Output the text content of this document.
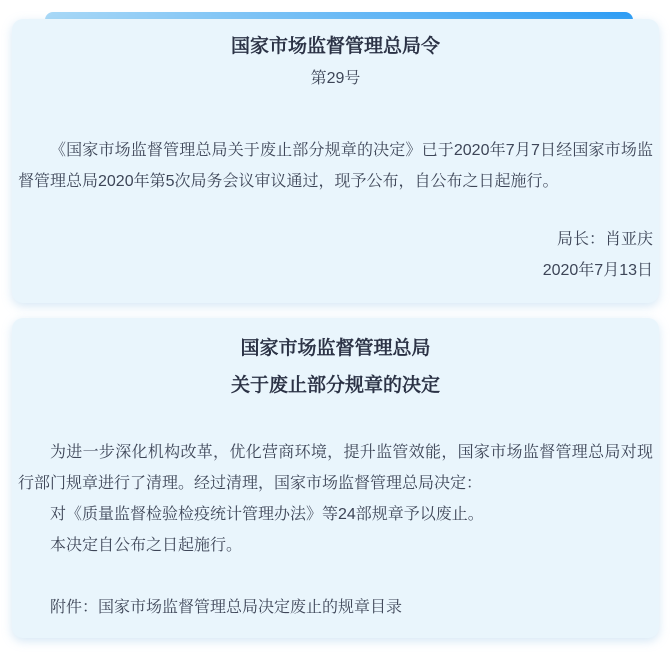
国家市场监督管理总局令
第29号

《国家市场监督管理总局关于废止部分规章的决定》已于2020年7月7日经国家市场监督管理总局2020年第5次局务会议审议通过，现予公布，自公布之日起施行。

局长：肖亚庆
2020年7月13日
国家市场监督管理总局
关于废止部分规章的决定

为进一步深化机构改革，优化营商环境，提升监管效能，国家市场监督管理总局对现行部门规章进行了清理。经过清理，国家市场监督管理总局决定：

对《质量监督检验检疫统计管理办法》等24部规章予以废止。

本决定自公布之日起施行。

附件：国家市场监督管理总局决定废止的规章目录
